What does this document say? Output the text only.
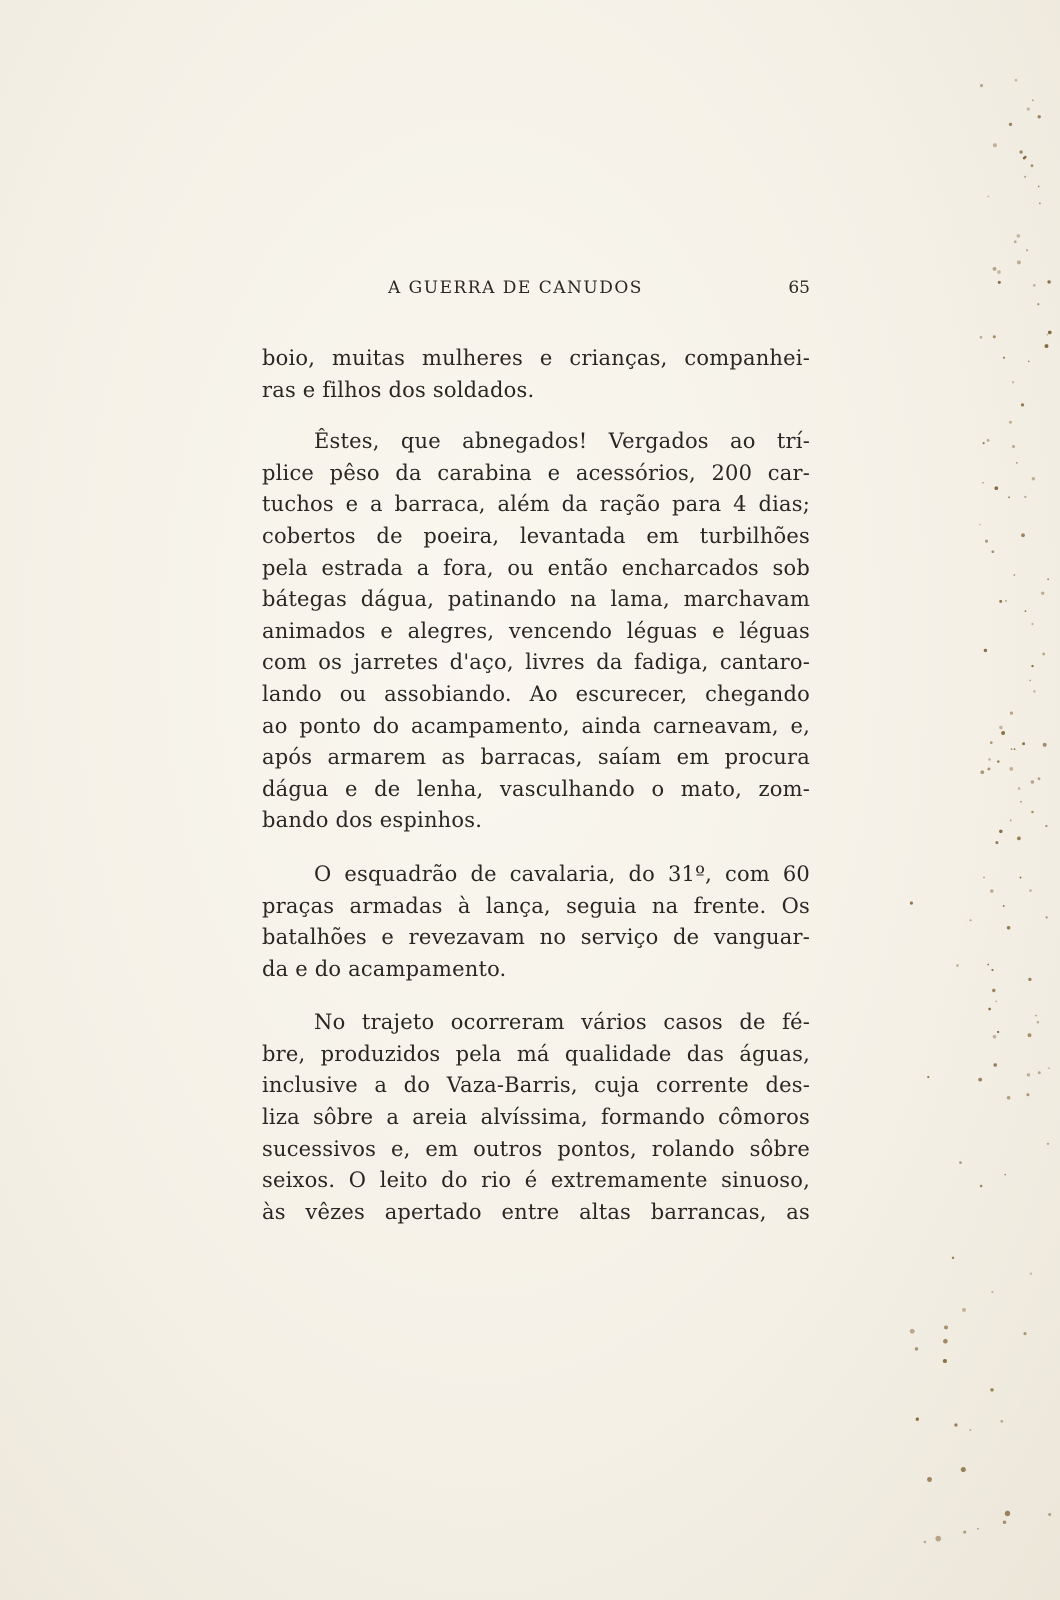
A GUERRA DE CANUDOS	65
boio, muitas mulheres e crianças, companhei-
ras e filhos dos soldados.
Êstes, que abnegados! Vergados ao trí-
plice pêso da carabina e acessórios, 200 car-
tuchos e a barraca, além da ração para 4 dias;
cobertos de poeira, levantada em turbilhões
pela estrada a fora, ou então encharcados sob
bátegas dágua, patinando na lama, marchavam
animados e alegres, vencendo léguas e léguas
com os jarretes d'aço, livres da fadiga, cantaro-
lando ou assobiando. Ao escurecer, chegando
ao ponto do acampamento, ainda carneavam, e,
após armarem as barracas, saíam em procura
dágua e de lenha, vasculhando o mato, zom-
bando dos espinhos.
O esquadrão de cavalaria, do 31º, com 60
praças armadas à lança, seguia na frente. Os
batalhões e revezavam no serviço de vanguar-
da e do acampamento.
No trajeto ocorreram vários casos de fé-
bre, produzidos pela má qualidade das águas,
inclusive a do Vaza-Barris, cuja corrente des-
liza sôbre a areia alvíssima, formando cômoros
sucessivos e, em outros pontos, rolando sôbre
seixos. O leito do rio é extremamente sinuoso,
às vêzes apertado entre altas barrancas, as
